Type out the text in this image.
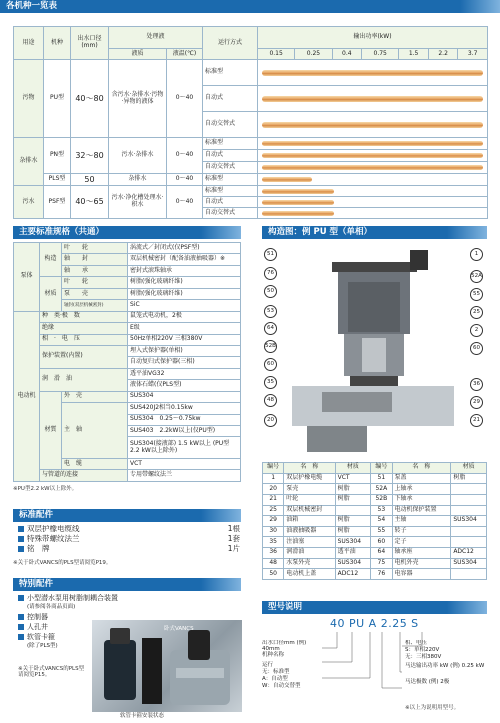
各机种一览表
用途	机种	出水口径
(mm)	处理液		运行方式	输出功率(kW)						
			液质	液温(℃)		0.15	0.25	0.4	0.75	1.5	2.2	3.7
污物	PU型	40～80	含污水·杂排水·污物·异物的液体	0～40	标准型							

					自动式							

					自动交替式							

杂排水	PN型	32～80	污水·杂排水	0～40	标准型							

					自动式							

					自动交替式							

	PLS型	50	杂排水	0～40	标准型							

污水	PSF型	40～65	污水·净化槽处理水·积水	0～40	标准型							

					自动式							

					自动交替式							
主要标准规格（共通）
泵体	构造	叶　　轮	涡流式／封闭式(仅PSF型)
		轴　　封	双层机械密封（配备油液抽吸器）※
		轴　　承	密封式滚珠轴承
	材质	叶　　轮	树脂(强化玻璃纤维)
		泵　　壳	树脂(强化玻璃纤维)
		轴封(双层机械密封)	SiC
电动机	种　类·极　数		鼠笼式电动机，2极
	绝缘		E级
	相　·　电　压		50Hz单相220V 三相380V
	保护装置(内置)		埋入式保护器(单相)
			自动复归式保护器(三相)
	润　滑　油		透平油VG32
			液体石蜡(仅PLS型)
	材質	外　壳	SUS304
		主　轴	SUS420J2相当0.15kw
			SUS304　0.25～0.75kw
			SUS403　2.2kW以上(仅PU型)
			SUS304(接液部) 1.5 kW以上 (PU型2.2 kW以上除外)
		电　缆	VCT
	与管道的连接		专用带螺纹法兰
※PU型2.2 kW以上除外。
标准配件
双层护橡电缆线	1根
特殊带螺纹法兰	1套
铭　牌	1片
※关于卧式VANCS的PLS型请阅览P19。
特别配件
小型潜水泵用树脂制耦合装置
(请参阅各商品页面)
控制器
人孔井
软管卡箍
(除了PLS型)
※关于卧式VANCS的PLS型请阅览P15。
卧式VANCS
软管卡箍安装状态
构造图：例 PU 型（单相）
51
76
50
53
64
52B
60
35
48
20
1
52A
55
25
2
60
36
29
21
编号	名　称	材质	编号	名　称	材质
1	双层护橡电缆	VCT	51	泵盖	树脂
20	泵壳	树脂	52A	上轴承	
21	叶轮	树脂	52B	下轴承	
25	双层机械密封		53	电动机保护装置	
29	油箱	树脂	54	主轴	SUS304
30	油液抽吸器	树脂	55	转子	
35	注油塞	SUS304	60	定子	
36	润滑油	透平油	64	轴承座	ADC12
48	水泵外壳	SUS304	75	电机外壳	SUS304
50	电动机上盖	ADC12	76	电容器	
型号说明
40 PU A 2.25 S
出水口径mm (例) 40mm
机种名称
运行
无：标准型
A：自动型
W：自动交替型
相、电压
S：单相220V
无：三相380V
马达输出功率 kW (例) 0.25 kW
马达极数 (例) 2极
※以上为说明用型号。
